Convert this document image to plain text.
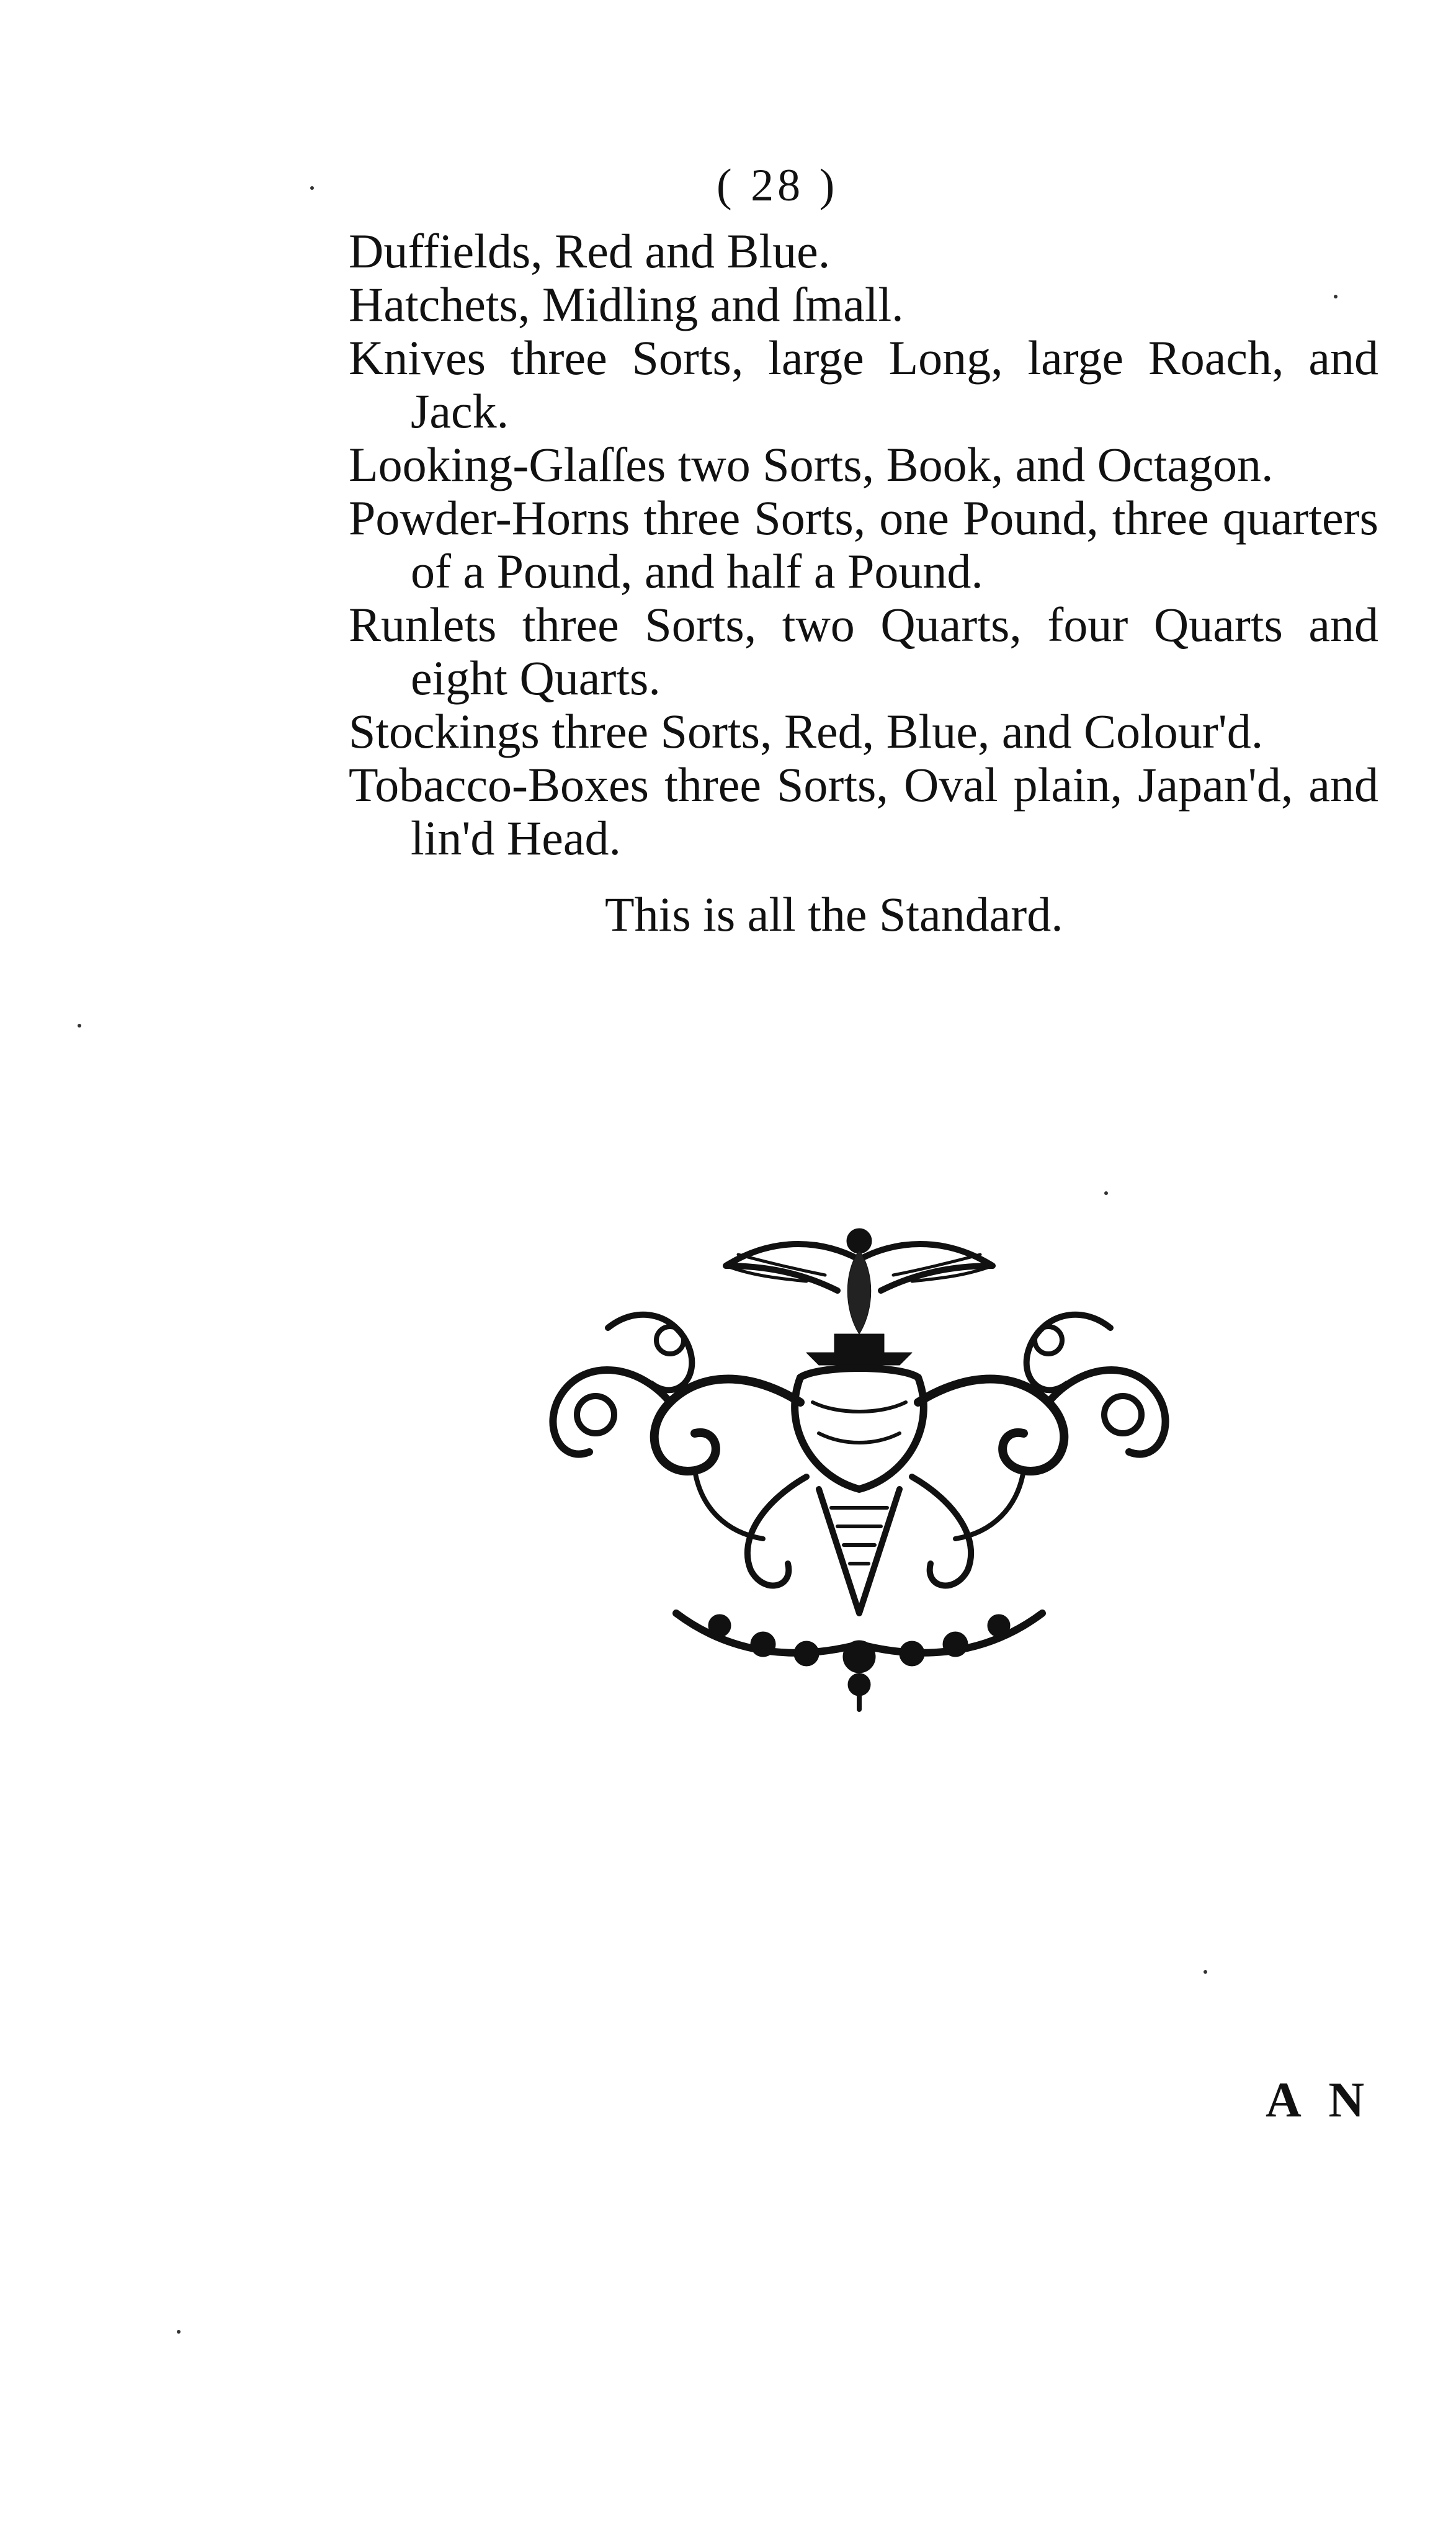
( 28 )

Duffields, Red and Blue.

Hatchets, Midling and ſmall.

Knives three Sorts, large Long, large Roach, and Jack.

Looking-Glaſſes two Sorts, Book, and Octagon.

Powder-Horns three Sorts, one Pound, three quarters of a Pound, and half a Pound.

Runlets three Sorts, two Quarts, four Quarts and eight Quarts.

Stockings three Sorts, Red, Blue, and Colour'd.

Tobacco-Boxes three Sorts, Oval plain, Japan'd, and lin'd Head.

This is all the Standard.
A N
